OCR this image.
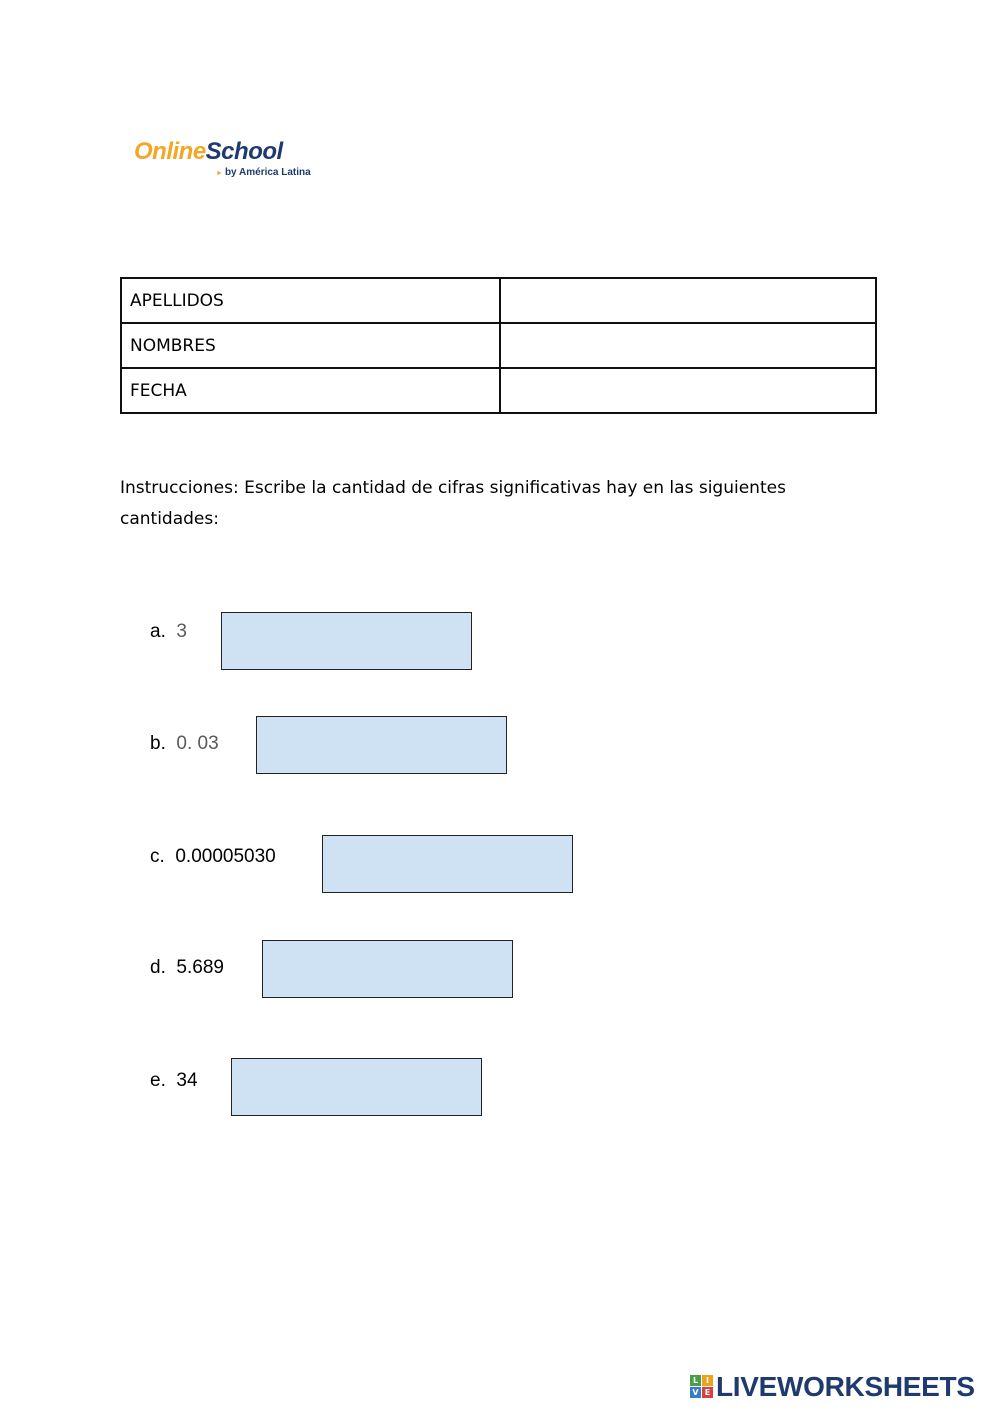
OnlineSchool
► by América Latina
APELLIDOS	
NOMBRES	
FECHA	
Instrucciones: Escribe la cantidad de cifras significativas hay en las siguientes cantidades:
a. 3
b. 0. 03
c. 0.00005030
d. 5.689
e. 34
L I
V E LIVEWORKSHEETS
